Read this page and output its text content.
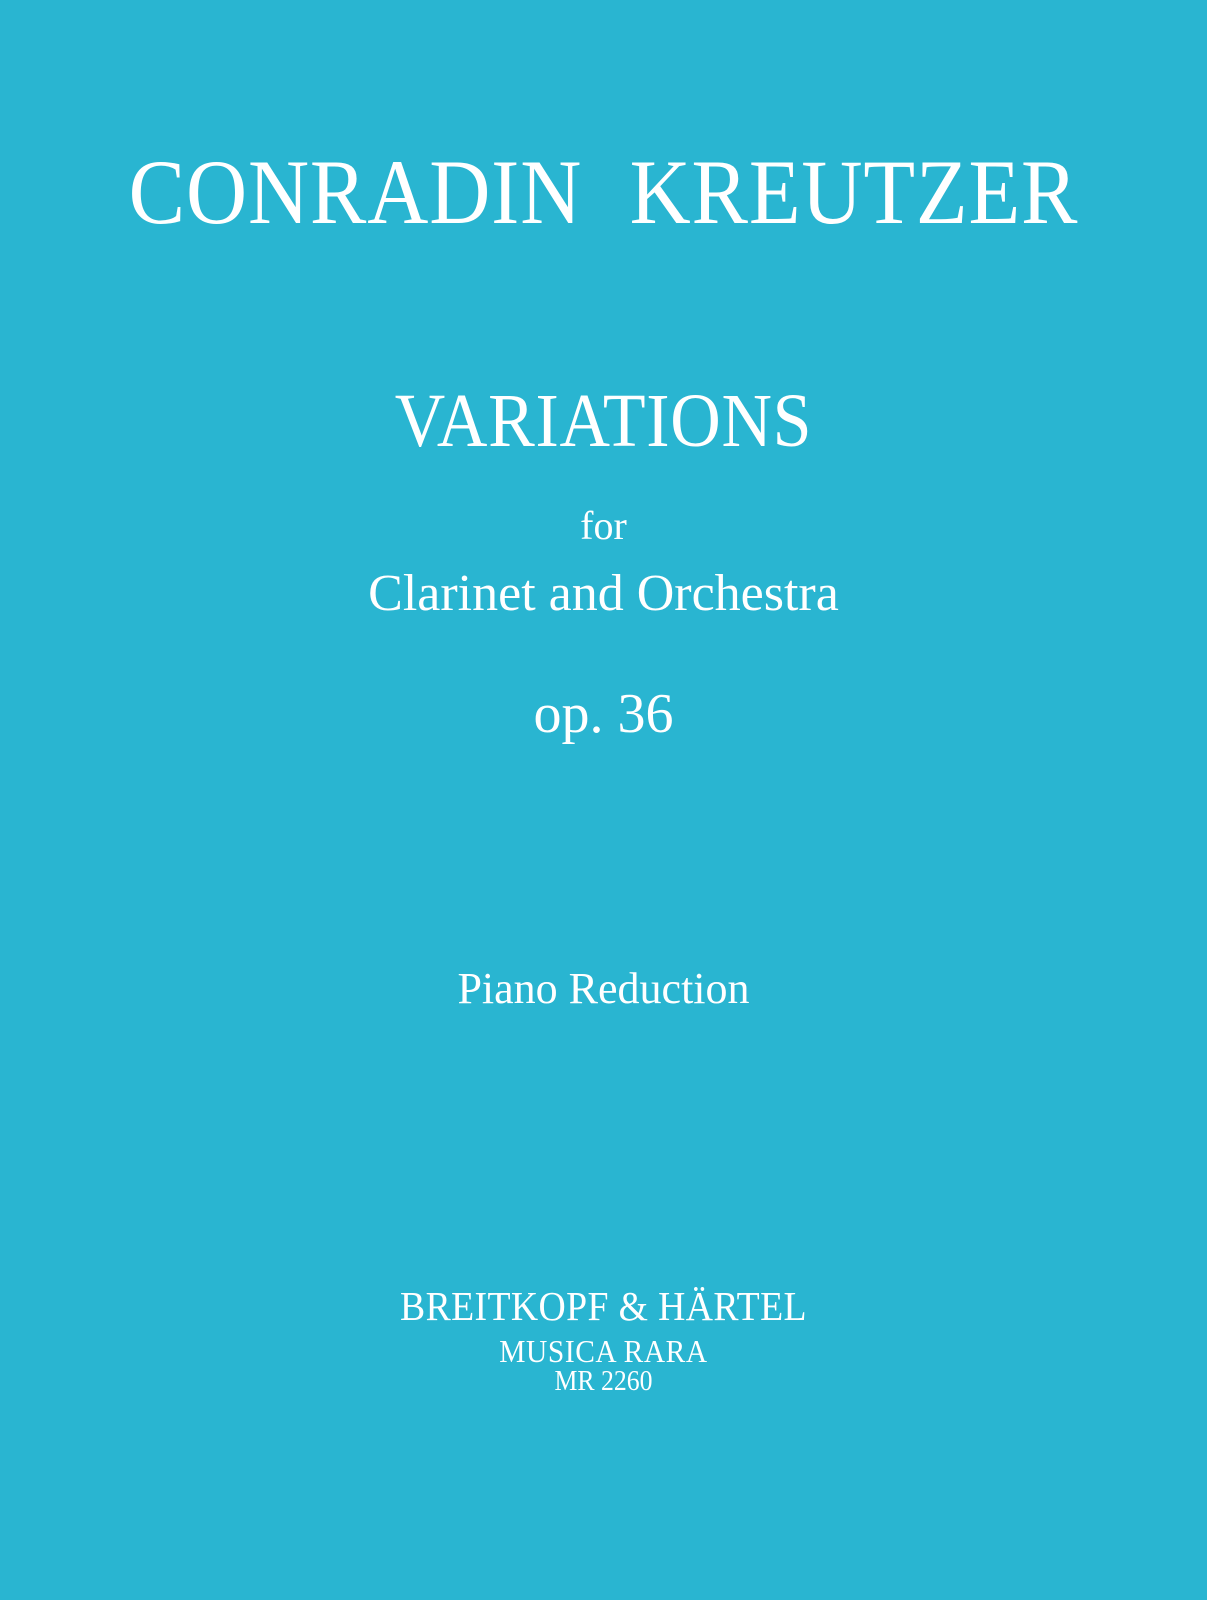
CONRADIN KREUTZER
VARIATIONS
for
Clarinet and Orchestra
op. 36
Piano Reduction
BREITKOPF & HÄRTEL
MUSICA RARA
MR 2260
